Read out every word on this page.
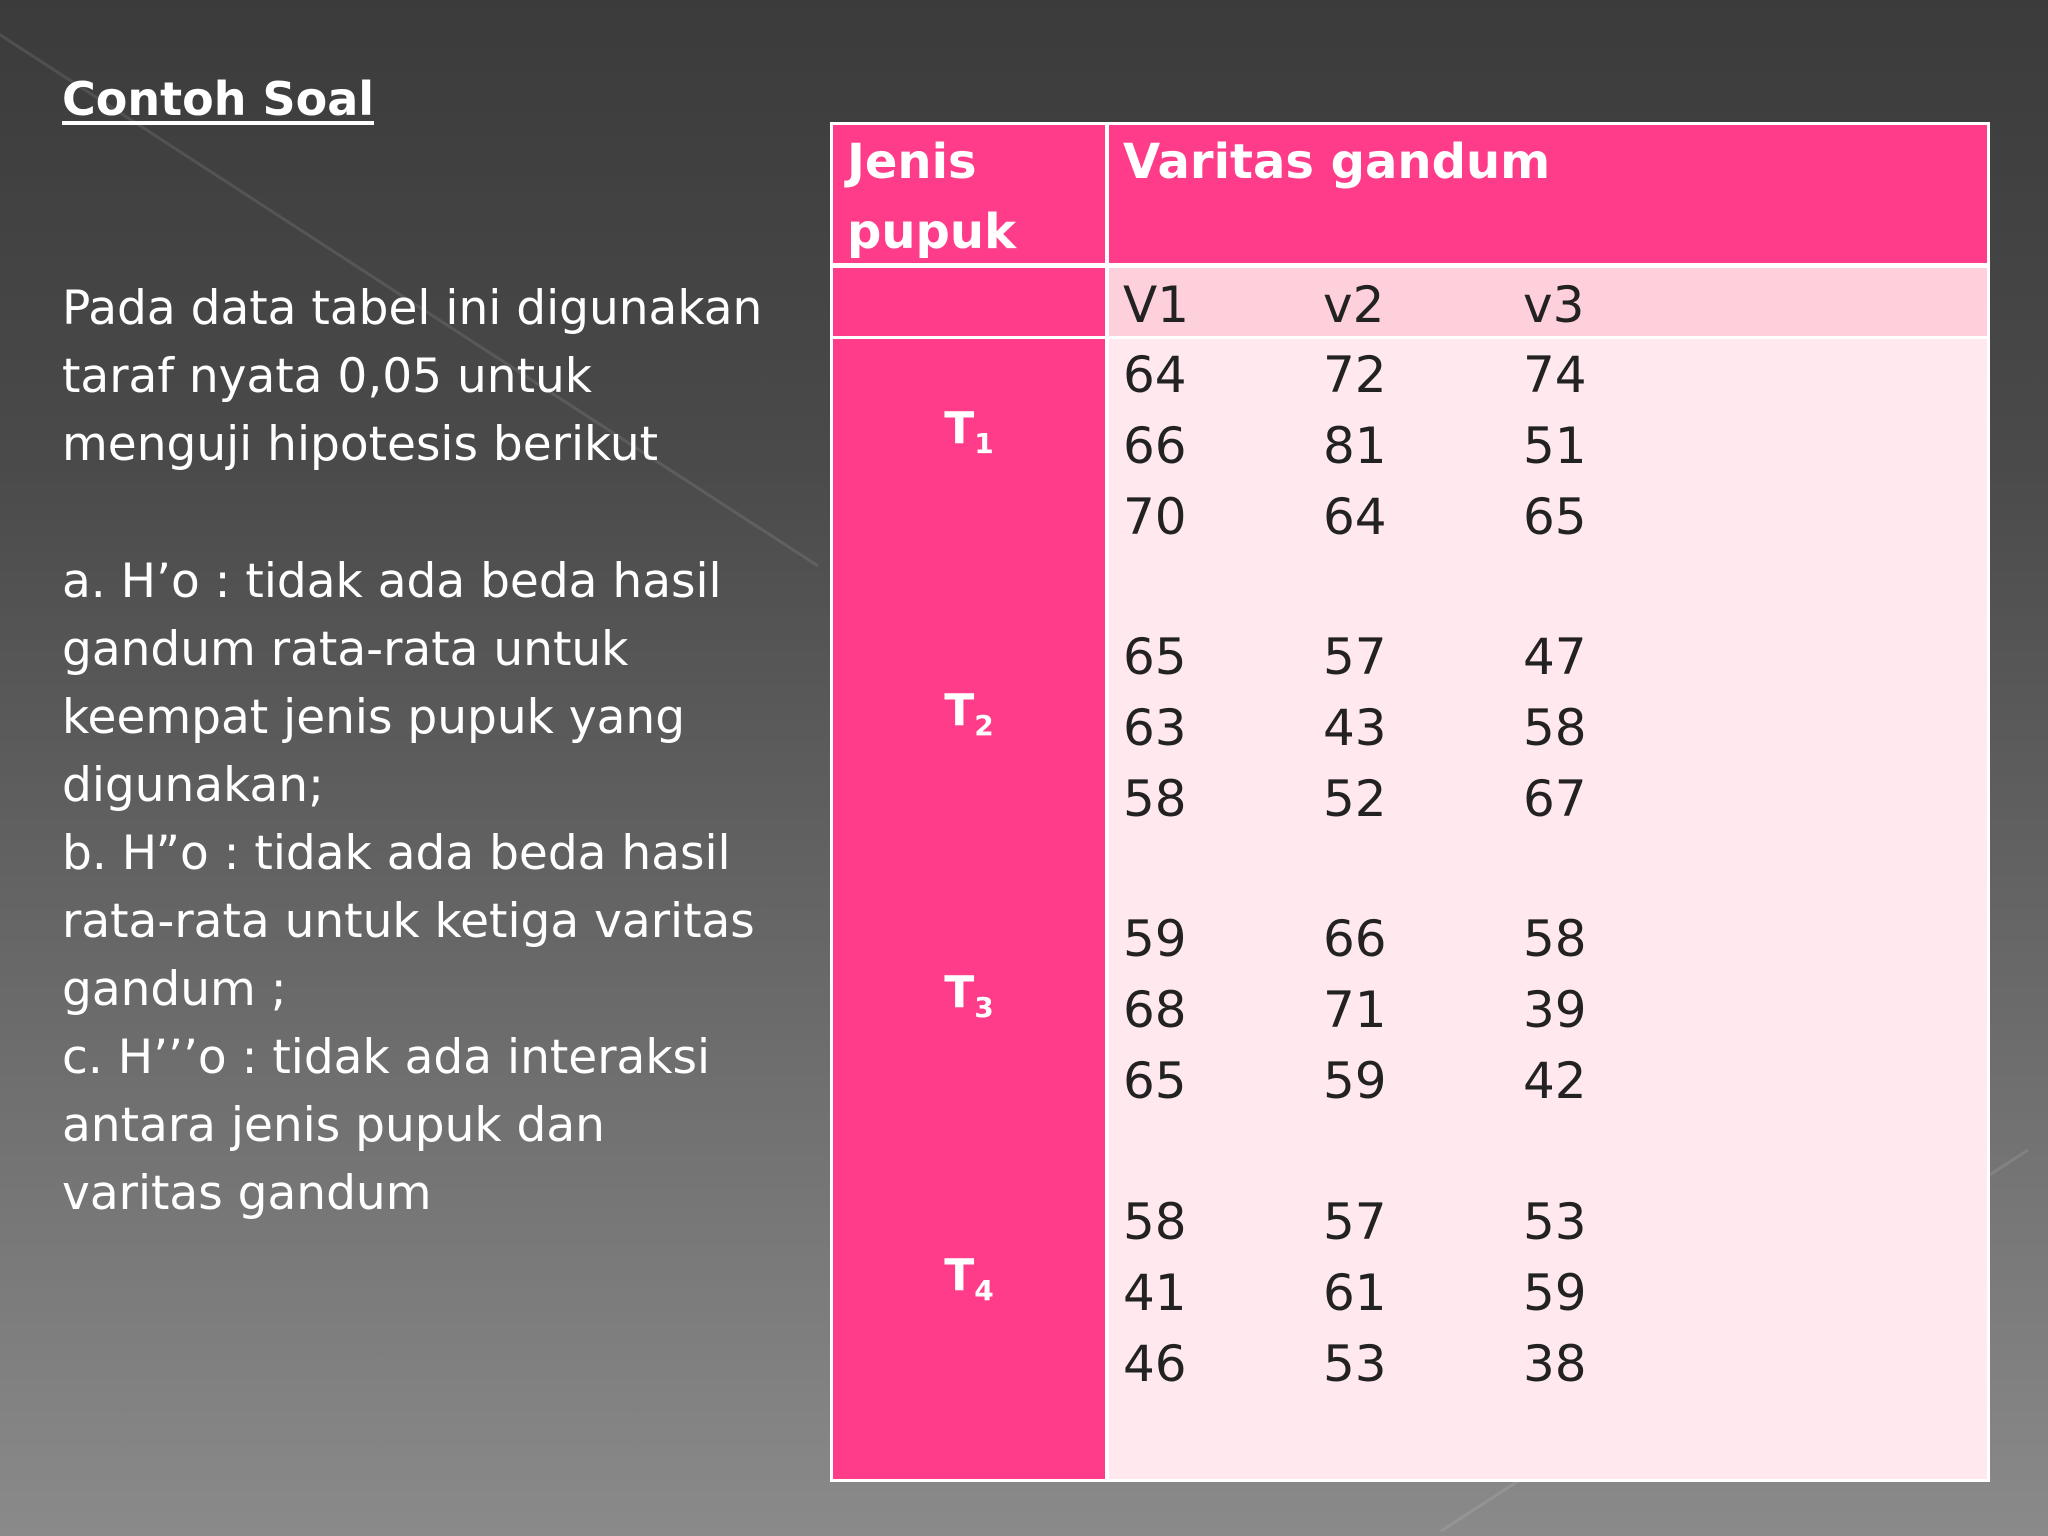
Contoh Soal
Pada data tabel ini digunakan
taraf nyata 0,05 untuk
menguji hipotesis berikut
a. H’o : tidak ada beda hasil
gandum rata-rata untuk
keempat jenis pupuk yang
digunakan;
b. H”o : tidak ada beda hasil
rata-rata untuk ketiga varitas
gandum ;
c. H’’’o : tidak ada interaksi
antara jenis pupuk dan
varitas gandum
Jenis
pupuk
Varitas gandum
V1	v2	v3
$T_1$
64	72	74
66	81	51
70	64	65
$T_2$
65	57	47
63	43	58
58	52	67
$T_3$
59	66	58
68	71	39
65	59	42
$T_4$
58	57	53
41	61	59
46	53	38
